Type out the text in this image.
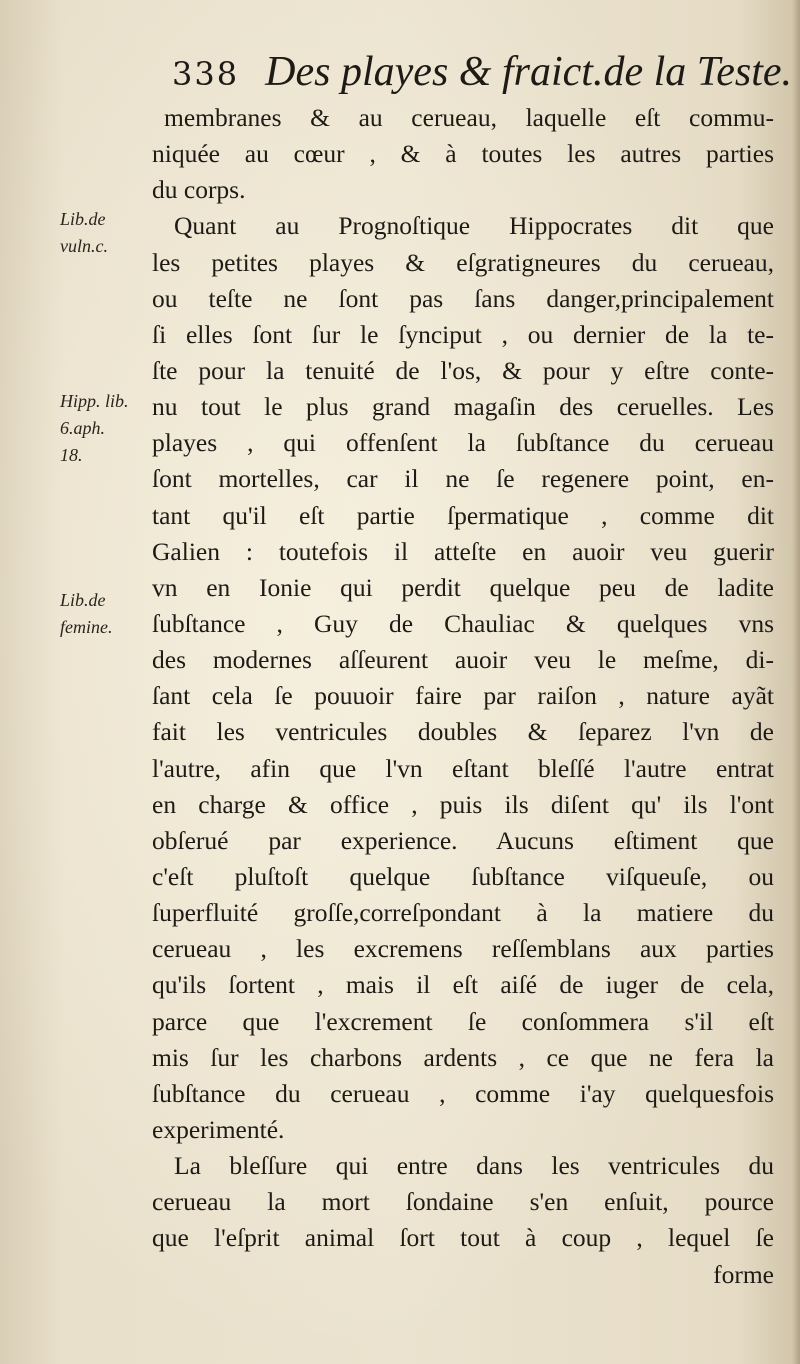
338 Des playes & fraict.de la Teste.
Lib.de
vuln.c.
Hipp. lib.
6.aph.
18.
Lib.de
femine.
membranes & au cerueau, laquelle eſt commu-
niquée au cœur , & à toutes les autres parties
du corps.
Quant au Prognoſtique Hippocrates dit que
les petites playes & eſgratigneures du cerueau,
ou teſte ne ſont pas ſans danger,principalement
ſi elles ſont ſur le ſynciput , ou dernier de la te-
ſte pour la tenuité de l'os, & pour y eſtre conte-
nu tout le plus grand magaſin des ceruelles. Les
playes , qui offenſent la ſubſtance du cerueau
ſont mortelles, car il ne ſe regenere point, en-
tant qu'il eſt partie ſpermatique , comme dit
Galien : toutefois il atteſte en auoir veu guerir
vn en Ionie qui perdit quelque peu de ladite
ſubſtance , Guy de Chauliac & quelques vns
des modernes aſſeurent auoir veu le meſme, di-
ſant cela ſe pouuoir faire par raiſon , nature ayãt
fait les ventricules doubles & ſeparez l'vn de
l'autre, afin que l'vn eſtant bleſſé l'autre entrat
en charge & office , puis ils diſent qu' ils l'ont
obſerué par experience. Aucuns eſtiment que
c'eſt pluſtoſt quelque ſubſtance viſqueuſe, ou
ſuperfluité groſſe,correſpondant à la matiere du
cerueau , les excremens reſſemblans aux parties
qu'ils ſortent , mais il eſt aiſé de iuger de cela,
parce que l'excrement ſe conſommera s'il eſt
mis ſur les charbons ardents , ce que ne fera la
ſubſtance du cerueau , comme i'ay quelquesfois
experimenté.
La bleſſure qui entre dans les ventricules du
cerueau la mort ſondaine s'en enſuit, pource
que l'eſprit animal ſort tout à coup , lequel ſe
forme
